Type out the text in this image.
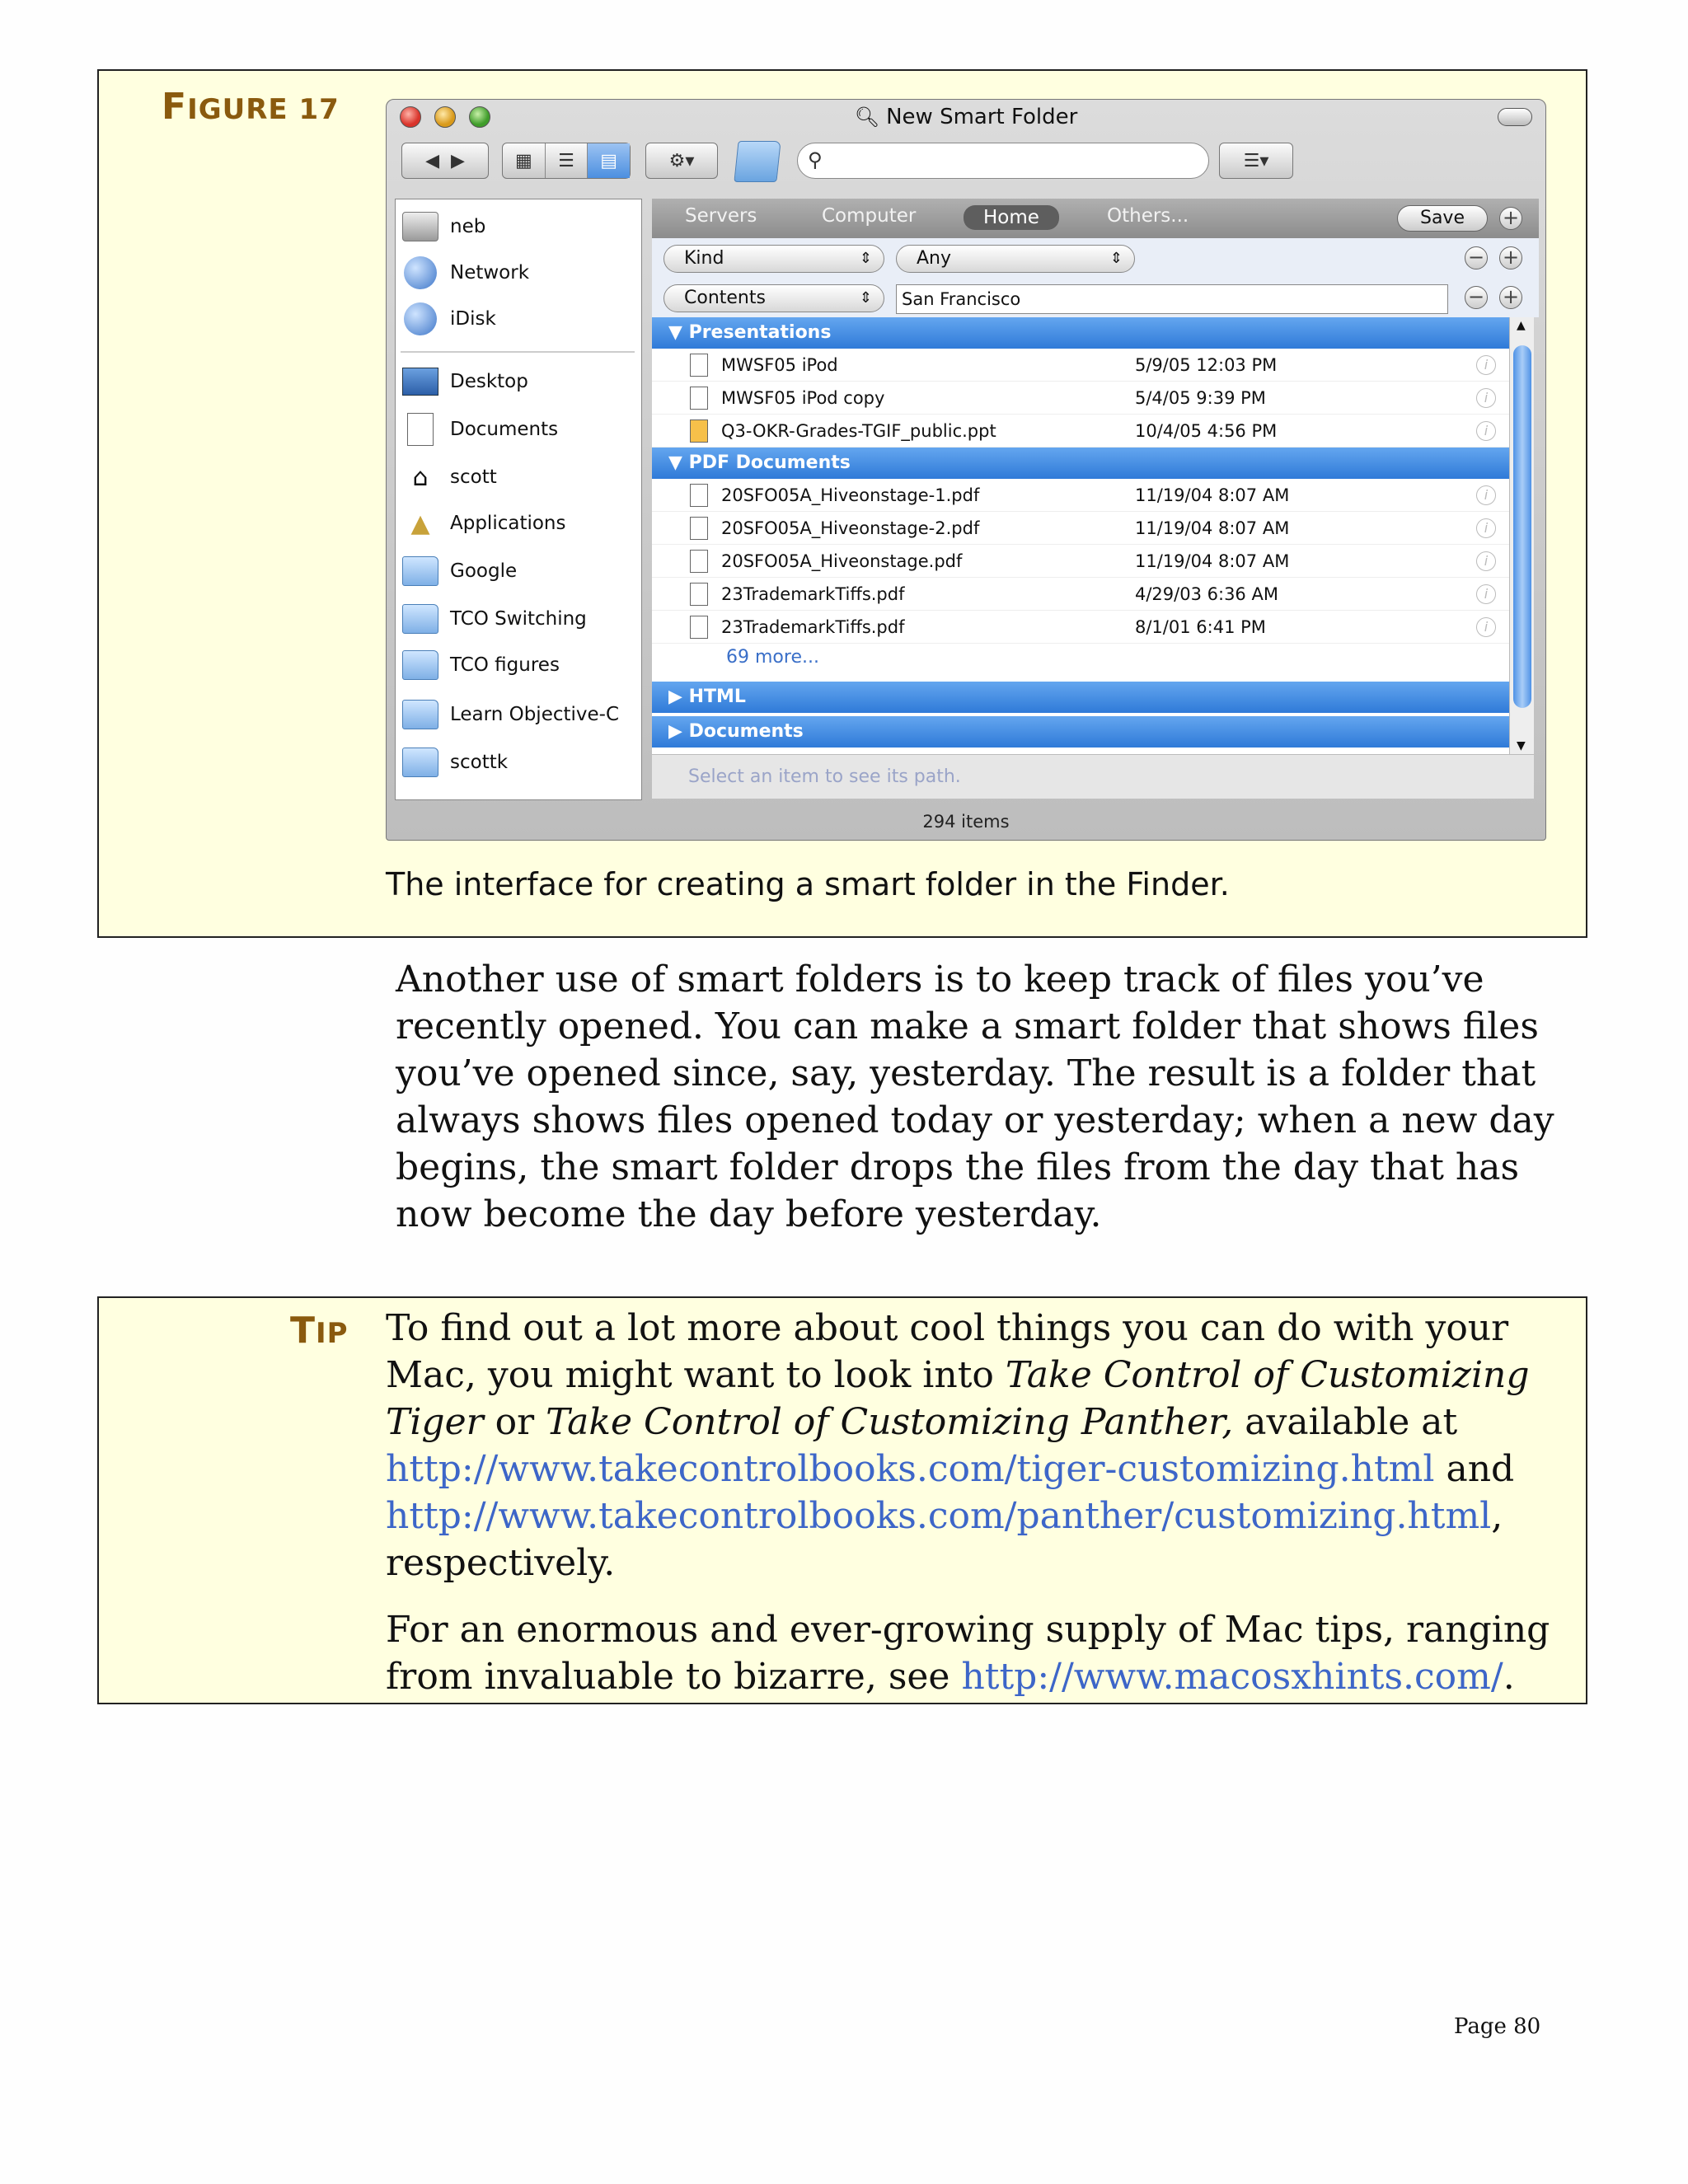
FIGURE 17	🔍︎ New Smart Folder
◀
▶	▦	☰	▤	⚙▾	⚲	☰▾
neb
Network
iDisk
Desktop
Documents
⌂	scott
▲	Applications
Google
TCO Switching
TCO figures
Learn Objective-C
scottk
Servers	Computer	Home	Others...	Save	+
Kind	⇕	Any	⇕	− +
Contents	⇕	San Francisco	− +
▼ Presentations
MWSF05 iPod	5/9/05 12:03 PM	i
MWSF05 iPod copy	5/4/05 9:39 PM	i
Q3-OKR-Grades-TGIF_public.ppt	10/4/05 4:56 PM	i
▼ PDF Documents
20SFO05A_Hiveonstage-1.pdf	11/19/04 8:07 AM	i
20SFO05A_Hiveonstage-2.pdf	11/19/04 8:07 AM	i
20SFO05A_Hiveonstage.pdf	11/19/04 8:07 AM	i
23TrademarkTiffs.pdf	4/29/03 6:36 AM	i
23TrademarkTiffs.pdf	8/1/01 6:41 PM	i
69 more...
▶ HTML
▶ Documents
▲
▼
Select an item to see its path.
294 items
The interface for creating a smart folder in the Finder.

Another use of smart folders is to keep track of files you’ve recently opened. You can make a smart folder that shows files you’ve opened since, say, yesterday. The result is a folder that always shows files opened today or yesterday; when a new day begins, the smart folder drops the files from the day that has now become the day before yesterday.

TIP To find out a lot more about cool things you can do with your Mac, you might want to look into Take Control of Customizing Tiger or Take Control of Customizing Panther, available at
http://www.takecontrolbooks.com/tiger-customizing.html and
http://www.takecontrolbooks.com/panther/customizing.html, respectively.

For an enormous and ever-growing supply of Mac tips, ranging from invaluable to bizarre, see http://www.macosxhints.com/.

Page 80
